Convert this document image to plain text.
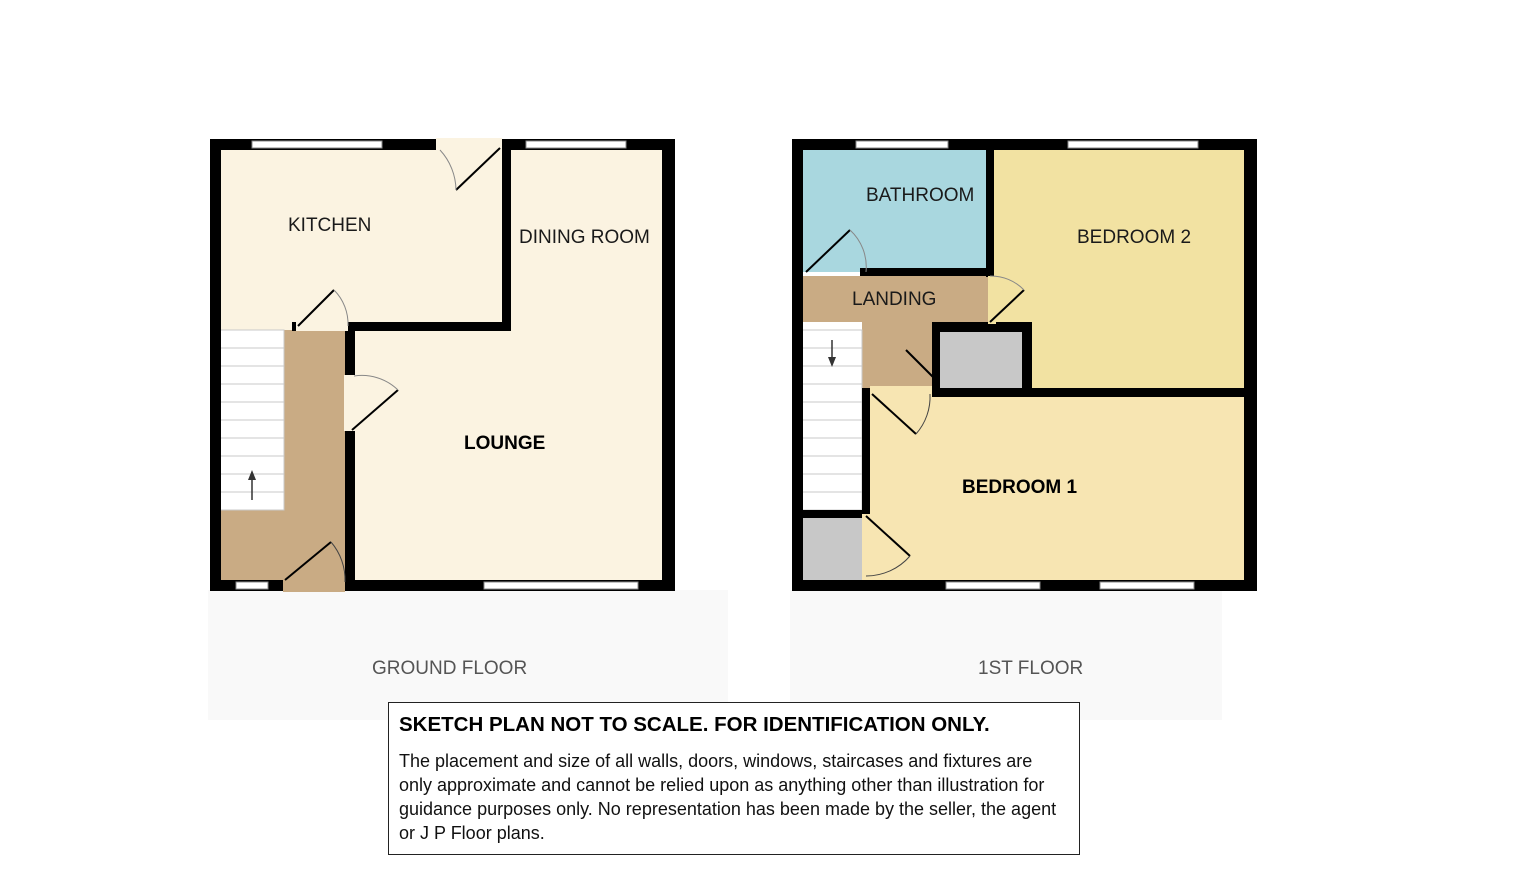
KITCHEN
DINING ROOM
LOUNGE
GROUND FLOOR
BATHROOM
BEDROOM 2
LANDING
BEDROOM 1
1ST FLOOR
SKETCH PLAN NOT TO SCALE. FOR IDENTIFICATION ONLY.

The placement and size of all walls, doors, windows, staircases and fixtures are only approximate and cannot be relied upon as anything other than illustration for guidance purposes only. No representation has been made by the seller, the agent or J P Floor plans.
